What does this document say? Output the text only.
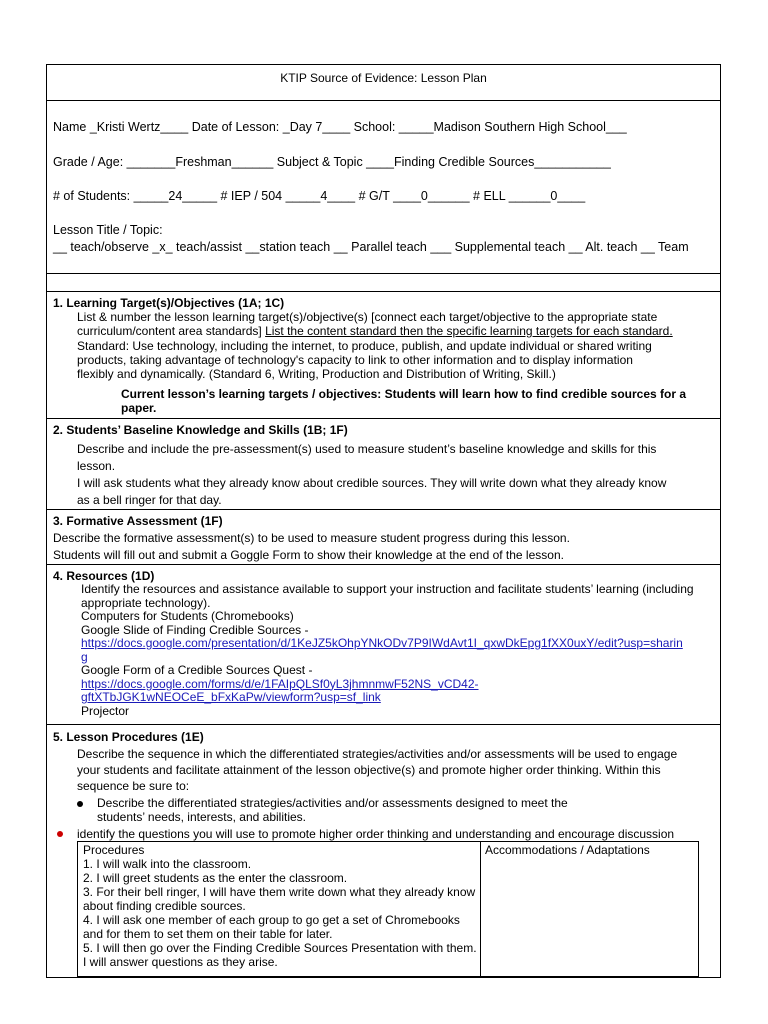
KTIP Source of Evidence: Lesson Plan
Name _Kristi Wertz____ Date of Lesson: _Day 7____ School: _____Madison Southern High School___
Grade / Age: _______Freshman______ Subject & Topic ____Finding Credible Sources___________
# of Students: _____24_____ # IEP / 504 _____4____ # G/T ____0______ # ELL ______0____
Lesson Title / Topic:
__ teach/observe _x_ teach/assist __station teach __ Parallel teach ___ Supplemental teach __ Alt. teach __ Team
1. Learning Target(s)/Objectives (1A; 1C)
List & number the lesson learning target(s)/objective(s) [connect each target/objective to the appropriate state
curriculum/content area standards] List the content standard then the specific learning targets for each standard.
Standard: Use technology, including the internet, to produce, publish, and update individual or shared writing
products, taking advantage of technology's capacity to link to other information and to display information
flexibly and dynamically. (Standard 6, Writing, Production and Distribution of Writing, Skill.)
Current lesson’s learning targets / objectives: Students will learn how to find credible sources for a
paper.
2. Students’ Baseline Knowledge and Skills (1B; 1F)
Describe and include the pre-assessment(s) used to measure student’s baseline knowledge and skills for this
lesson.
I will ask students what they already know about credible sources. They will write down what they already know
as a bell ringer for that day.
3. Formative Assessment (1F)
Describe the formative assessment(s) to be used to measure student progress during this lesson.
Students will fill out and submit a Goggle Form to show their knowledge at the end of the lesson.
4. Resources (1D)
Identify the resources and assistance available to support your instruction and facilitate students’ learning (including
appropriate technology).
Computers for Students (Chromebooks)
Google Slide of Finding Credible Sources -
https://docs.google.com/presentation/d/1KeJZ5kOhpYNkODv7P9IWdAvt1I_qxwDkEpg1fXX0uxY/edit?usp=sharin
g
Google Form of a Credible Sources Quest -
https://docs.google.com/forms/d/e/1FAIpQLSf0yL3jhmnmwF52NS_vCD42-
gftXTbJGK1wNEOCeE_bFxKaPw/viewform?usp=sf_link
Projector
5. Lesson Procedures (1E)
Describe the sequence in which the differentiated strategies/activities and/or assessments will be used to engage
your students and facilitate attainment of the lesson objective(s) and promote higher order thinking. Within this
sequence be sure to:
Describe the differentiated strategies/activities and/or assessments designed to meet the
students’ needs, interests, and abilities.
identify the questions you will use to promote higher order thinking and understanding and encourage discussion
Procedures
1. I will walk into the classroom.
2. I will greet students as the enter the classroom.
3. For their bell ringer, I will have them write down what they already know about finding credible sources.
4. I will ask one member of each group to go get a set of Chromebooks and for them to set them on their table for later.
5. I will then go over the Finding Credible Sources Presentation with them. I will answer questions as they arise.
Accommodations / Adaptations
